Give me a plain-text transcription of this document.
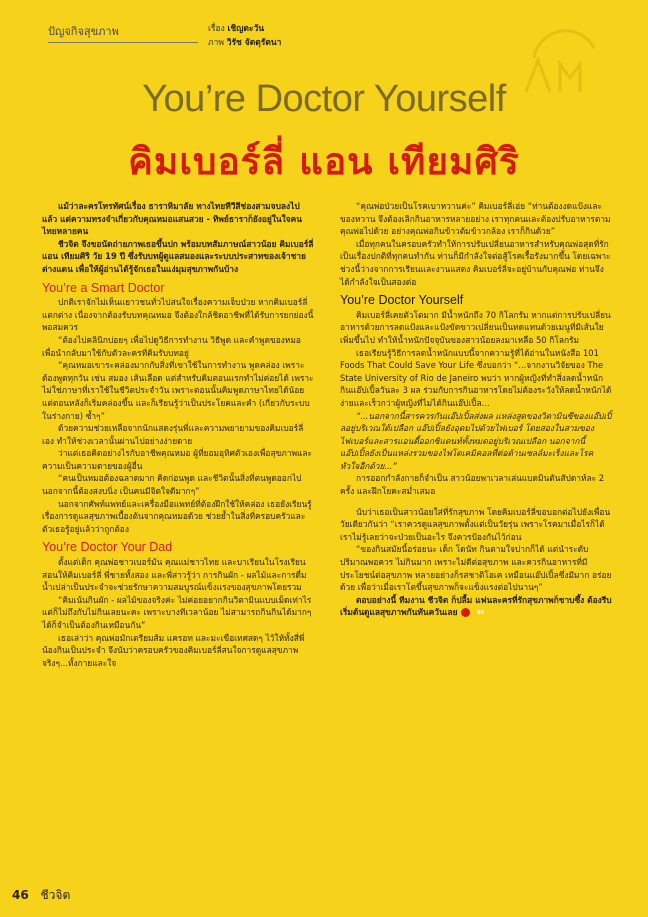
ปัญจกิจสุขภาพ	เรื่อง เชิญตะวัน
ภาพ วิรัช จัตตุรัตนา
You’re Doctor Yourself
คิมเบอร์ลี่ แอน เทียมศิริ

แม้ว่าละครโทรทัศน์เรื่อง ธาราหิมาลัย ทางไทยทีวีสีช่องสามจบลงไปแล้ว แต่ความทรงจำเกี่ยวกับคุณหมอแสนสวย - ทิพย์ธาราก็ยังอยู่ในใจคนไทยหลายคน

ชีวจิต จึงขอนัดถ่ายภาพเธอขึ้นปก พร้อมบทสัมภาษณ์สาวน้อย คิมเบอร์ลี่ แอน เทียมศิริ วัย 19 ปี ซึ่งรับบทผู้ดูแลสมองและระบบประสาทของเจ้าชายต่างแดน เพื่อให้ผู้อ่านได้รู้จักเธอในแง่มุมสุขภาพกันบ้าง

You’re a Smart Doctor

ปกติเราจักไม่เห็นแยาวชนทั่วไปสนใจเรื่องความเจ็บป่วย หากคิมเบอร์ลี่แตกต่าง เนื่องจากต้องรับบทคุณหมอ จึงต้องใกล้ชิดอาชีพที่ได้รับการยกย่องนี้พอสมควร

“ต้องไปคลินิกบ่อยๆ เพื่อไปดูวิธีการทำงาน วิธีพูด และคำพูดของหมอ เพื่อนำกลับมาใช้กับตัวละครที่คิมรับบทอยู่

“คุณหมอเขาระคล่องมากกับสิ่งที่เขาใช้ในการทำงาน พูดคล่อง เพราะต้องพูดทุกวัน เช่น สมอง เส้นเลือด แต่สำหรับคิมตอนแรกทำไม่ค่อยได้ เพราะไม่ใช่ภาษาที่เราใช้ในชีวิตประจำวัน เพราะตอนนั้นคิมพูดภาษาไทยได้น้อย แต่ตอนหลังก็เริ่มคล่องขึ้น และก็เรียนรู้ว่าเป็นประโยคและคำ (เกี่ยวกับระบบในร่างกาย) ซ้ำๆ”

ด้วยความช่วยเหลือจากนักแสดงรุ่นพี่และความพยายามของคิมเบอร์ลี่เอง ทำให้ช่วงเวลานั้นผ่านไปอย่างง่ายดาย

ว่าแต่เธอคิดอย่างไรกับอาชีพคุณหมอ ผู้ที่ยอมอุทิศตัวเองเพื่อสุขภาพและความเป็นความตายของผู้อื่น

“คนเป็นหมอต้องฉลาดมาก คิดก่อนพูด และชีวิตนั้นสิ่งที่ตนพูดออกไป นอกจากนี้ต้องสงบนิ่ง เป็นคนมีจิตใจดีมากๆ”

นอกจากศัพท์แพทย์และเครื่องมือแพทย์ที่ต้องฝึกใช้ให้คล่อง เธอยังเรียนรู้เรื่องการดูแลสุขภาพเบื้องต้นจากคุณหมอด้วย ช่วยย้ำในสิ่งที่ครอบครัวและตัวเธอรู้อยู่แล้วว่าถูกต้อง

You’re Doctor Your Dad

ตั้งแต่เด็ก คุณพ่อชาวเบอร์มัน คุณแม่ชาวไทย และบาเรียนในโรงเรียน สอนให้คิมเบอร์ลี่ พี่ชายทั้งสอง และพี่สาวรู้ว่า การกินผัก - ผลไม้และการดื่มน้ำเปล่าเป็นประจำจะช่วยรักษาความสมบูรณ์แข็งแรงของสุขภาพโดยรวม

“คิมเน้นกินผัก - ผลไม้ของจริงค่ะ ไม่ค่อยอยากกินวิตามินแบบเม็ดเท่าไร แต่ก็ไม่ถึงกับไม่กินเลยนะคะ เพราะบางทีเวลาน้อย ไม่สามารถกินกินได้มากๆ ได้ก็จำเป็นต้องกินเหมือนกัน”

เธอเล่าว่า คุณพ่อมักเตรียมส้ม แครอท และมะเขือเทศสดๆ ไว้ให้ทั้งสี่พี่น้องกินเป็นประจำ จึงนับว่าครอบครัวของคิมเบอร์ลี่สนใจการดูแลสุขภาพจริงๆ...ทั้งกายและใจ

“คุณพ่อป่วยเป็นโรคเบาหวานค่ะ” คิมเบอร์ลี่เอ่ย “ท่านต้องงดแป้งและของหวาน จึงต้องเลิกกินอาหารหลายอย่าง เราทุกคนและต้องปรับอาหารตามคุณพ่อไปด้วย อย่างคุณพ่อกินข้าวต้มข้าวกล้อง เราก็กินด้วย”

เมื่อทุกคนในครอบครัวทำให้การปรับเปลี่ยนอาหารสำหรับคุณพ่อสุดที่รักเป็นเรื่องปกติที่ทุกคนทำกัน ท่านก็มีกำลังใจต่อสู้โรคเรื้อรังมากขึ้น โดยเฉพาะช่วงนี้ว่างจากการเรียนและงานแสดง คิมเบอร์ลี่จะอยู่บ้านกับคุณพ่อ ท่านจึงได้กำลังใจเป็นสองต่อ

You’re Doctor Yourself

คิมเบอร์ลี่เคยตัวโตมาก มีน้ำหนักถึง 70 กิโลกรัม หากแต่การปรับเปลี่ยนอาหารด้วยการลดแป้งและแป้งขัดขาวเปลี่ยนเป็นทดแทนด้วยเมนูที่มีเส้นใยเพิ่มขึ้นไป ทำให้น้ำหนักปัจจุบันของสาวน้อยลงมาเหลือ 50 กิโลกรัม

เธอเรียนรู้วิธีการลดน้ำหนักแบบนี้จากความรู้ที่ได้อ่านในหนังสือ 101 Foods That Could Save Your Life ซึ่งบอกว่า “...จากงานวิจัยของ The State University of Rio de Janeiro พบว่า หากผู้หญิงที่ทำสิ่งลดน้ำหนักกินแอ๊ปเปิ้ลวันละ 3 ผล ร่วมกับการกินอาหารโดยไม่ต้องระวังให้ลดน้ำหนักได้ง่ายและเร็วกว่าผู้หญิงที่ไม่ได้กินแอ๊ปเปิ้ล...

“...นอกจากนี้สารควรกันแอ๊ปเปิ้ลส่งผล แหล่งสูดของวิตามินซีของแอ๊ปเปิ้ลอยู่บริเวณใต้เปลือก แอ๊ปเปิ้ลยังอุดมไปด้วยไฟเบอร์ โดยสองในสามของไฟเบอร์และสารแอนตี้ออกซิแดนท์ทั้งหมดอยู่บริเวณเปลือก นอกจากนี้แอ๊ปเปิ้ลยังเป็นแหล่งรวมของไฟโตเคมิคอลที่ต่อต้านเซลล์มะเร็งและโรคหัวใจอีกด้วย...”

การออกกำลังกายก็จำเป็น สาวน้อยพาเวลาเล่นแบดมินตันสัปดาห์ละ 2 ครั้ง และฝึกโยคะสม่ำเสมอ

นับว่าเธอเป็นสาวน้อยใส่ที่รักสุขภาพ โดยคิมเบอร์ลี่ขอบอกต่อไปยังเพื่อนวัยเดียวกันว่า “เราควรดูแลสุขภาพตั้งแต่เป็นวัยรุ่น เพราะโรคมาเมื่อไรก็ได้ เราไม่รู้เลยว่าจะป่วยเป็นอะไร จึงควรป้องกันไว้ก่อน

“ของกินสมัยนี้อร่อยนะ เด็ก โดนัท กินตามใจปากก็ได้ แต่นำระดับปริมาณพอควร ไม่กินมาก เพราะไม่ดีต่อสุขภาพ และควรกินอาหารที่มีประโยชน์ต่อสุขภาพ หลายอย่างก็รสชาติโอเค เหมือนแอ๊ปเปิ้ลซึ่งมีมาก อร่อยด้วย เพื่อว่าเมื่อเราโตขึ้นสุขภาพก็จะแข็งแรงต่อไปนานๆ”

ตอบอย่างนี้ ทีมงาน ชีวจิต ก็ปลื้ม แฟนละครที่รักสุขภาพก็ชาบซึ้ง ต้องรีบเริ่มต้นดูแลสุขภาพกันทันควันเลย	ชจ

46 ชีวจิต
